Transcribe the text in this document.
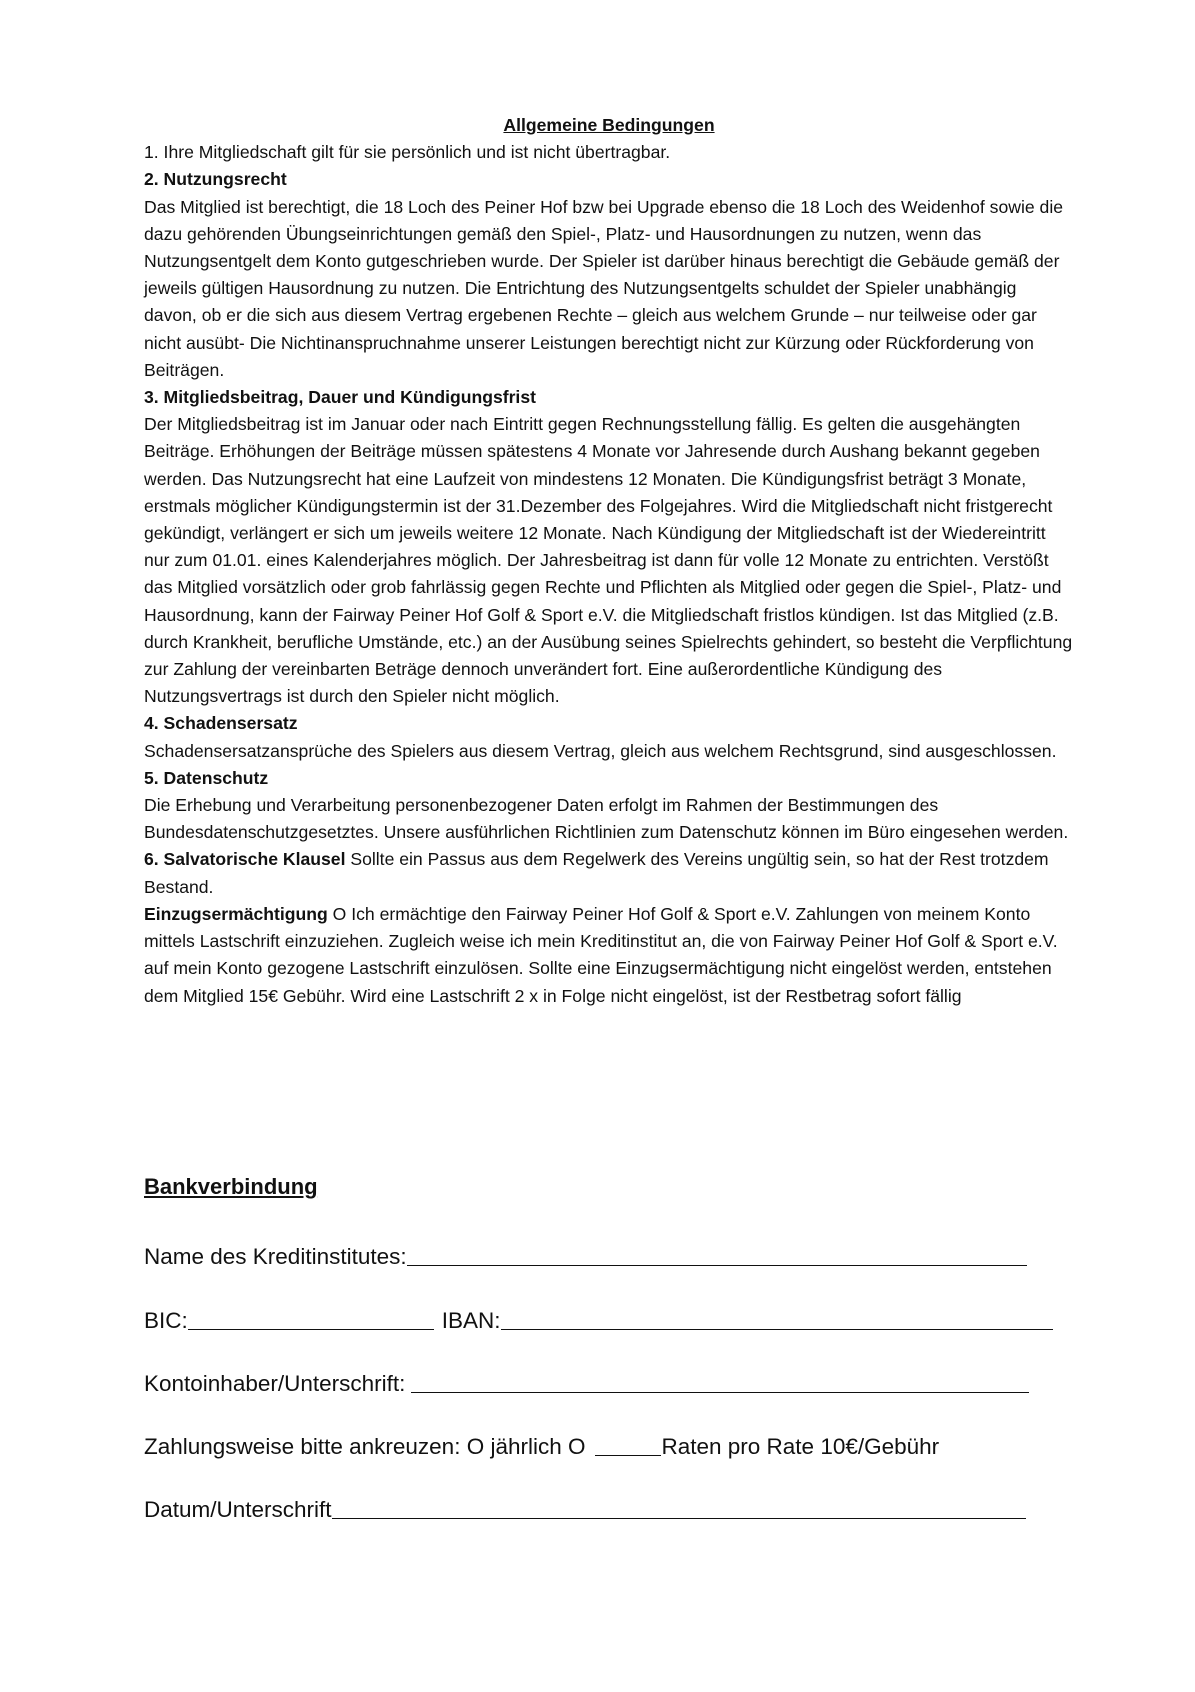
Allgemeine Bedingungen

1. Ihre Mitgliedschaft gilt für sie persönlich und ist nicht übertragbar.

2. Nutzungsrecht

Das Mitglied ist berechtigt, die 18 Loch des Peiner Hof bzw bei Upgrade ebenso die 18 Loch des Weidenhof sowie die dazu gehörenden Übungseinrichtungen gemäß den Spiel-, Platz- und Hausordnungen zu nutzen, wenn das Nutzungsentgelt dem Konto gutgeschrieben wurde. Der Spieler ist darüber hinaus berechtigt die Gebäude gemäß der jeweils gültigen Hausordnung zu nutzen. Die Entrichtung des Nutzungsentgelts schuldet der Spieler unabhängig davon, ob er die sich aus diesem Vertrag ergebenen Rechte – gleich aus welchem Grunde – nur teilweise oder gar nicht ausübt- Die Nichtinanspruchnahme unserer Leistungen berechtigt nicht zur Kürzung oder Rückforderung von Beiträgen.

3. Mitgliedsbeitrag, Dauer und Kündigungsfrist

Der Mitgliedsbeitrag ist im Januar oder nach Eintritt gegen Rechnungsstellung fällig. Es gelten die ausgehängten Beiträge. Erhöhungen der Beiträge müssen spätestens 4 Monate vor Jahresende durch Aushang bekannt gegeben werden. Das Nutzungsrecht hat eine Laufzeit von mindestens 12 Monaten. Die Kündigungsfrist beträgt 3 Monate, erstmals möglicher Kündigungstermin ist der 31.Dezember des Folgejahres. Wird die Mitgliedschaft nicht fristgerecht gekündigt, verlängert er sich um jeweils weitere 12 Monate. Nach Kündigung der Mitgliedschaft ist der Wiedereintritt nur zum 01.01. eines Kalenderjahres möglich. Der Jahresbeitrag ist dann für volle 12 Monate zu entrichten. Verstößt das Mitglied vorsätzlich oder grob fahrlässig gegen Rechte und Pflichten als Mitglied oder gegen die Spiel-, Platz- und Hausordnung, kann der Fairway Peiner Hof Golf & Sport e.V. die Mitgliedschaft fristlos kündigen. Ist das Mitglied (z.B. durch Krankheit, berufliche Umstände, etc.) an der Ausübung seines Spielrechts gehindert, so besteht die Verpflichtung zur Zahlung der vereinbarten Beträge dennoch unverändert fort. Eine außerordentliche Kündigung des Nutzungsvertrags ist durch den Spieler nicht möglich.

4. Schadensersatz

Schadensersatzansprüche des Spielers aus diesem Vertrag, gleich aus welchem Rechtsgrund, sind ausgeschlossen.

5. Datenschutz

Die Erhebung und Verarbeitung personenbezogener Daten erfolgt im Rahmen der Bestimmungen des Bundesdatenschutzgesetztes. Unsere ausführlichen Richtlinien zum Datenschutz können im Büro eingesehen werden.

6. Salvatorische Klausel Sollte ein Passus aus dem Regelwerk des Vereins ungültig sein, so hat der Rest trotzdem Bestand.

Einzugsermächtigung O Ich ermächtige den Fairway Peiner Hof Golf & Sport e.V. Zahlungen von meinem Konto mittels Lastschrift einzuziehen. Zugleich weise ich mein Kreditinstitut an, die von Fairway Peiner Hof Golf & Sport e.V. auf mein Konto gezogene Lastschrift einzulösen. Sollte eine Einzugsermächtigung nicht eingelöst werden, entstehen dem Mitglied 15€ Gebühr. Wird eine Lastschrift 2 x in Folge nicht eingelöst, ist der Restbetrag sofort fällig

Bankverbindung
Name des Kreditinstitutes:
BIC:	IBAN:
Kontoinhaber/Unterschrift:
Zahlungsweise bitte ankreuzen: O jährlich O	Raten pro Rate 10€/Gebühr
Datum/Unterschrift
